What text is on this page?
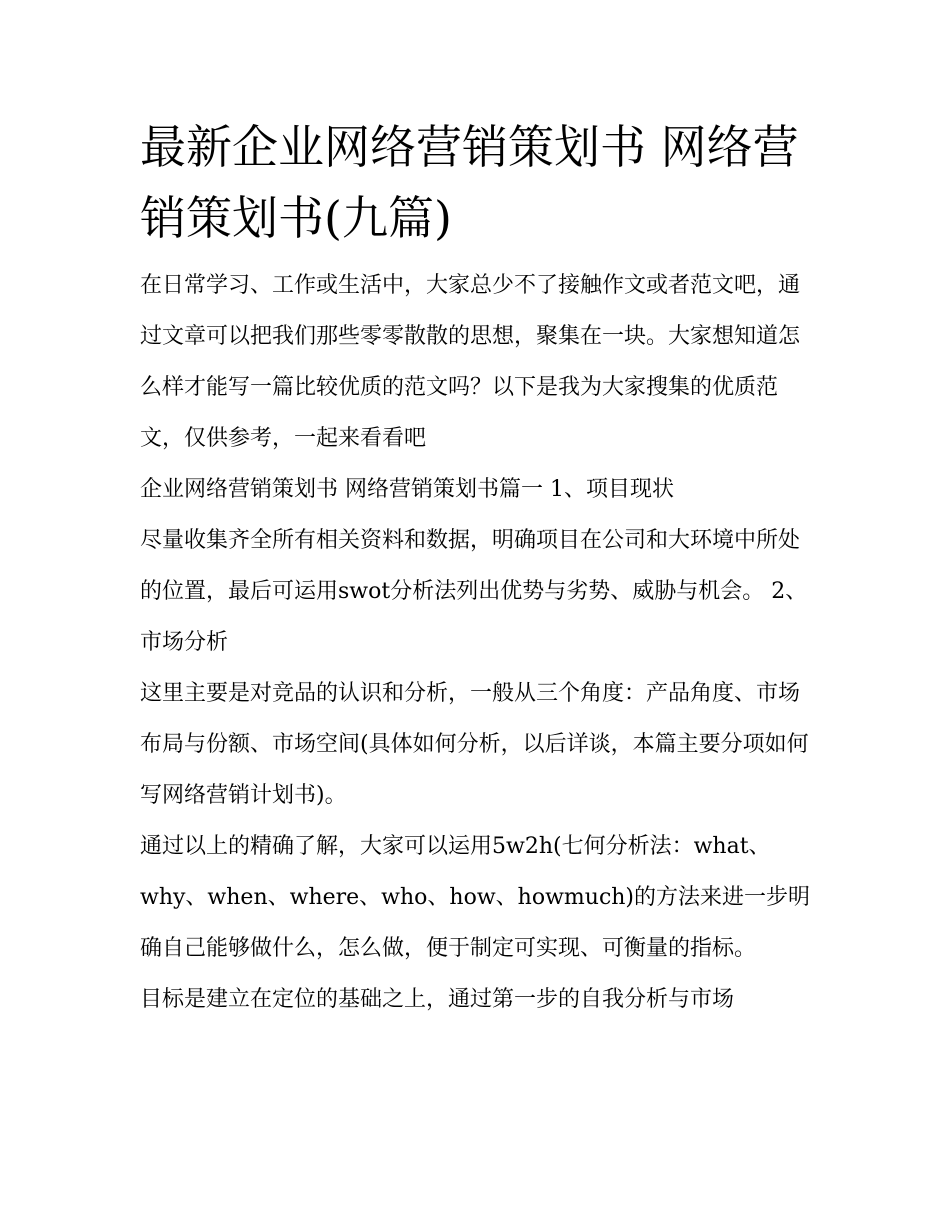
最新企业网络营销策划书 网络营销策划书(九篇)

在日常学习、工作或生活中，大家总少不了接触作文或者范文吧，通过文章可以把我们那些零零散散的思想，聚集在一块。大家想知道怎么样才能写一篇比较优质的范文吗？以下是我为大家搜集的优质范文，仅供参考，一起来看看吧

企业网络营销策划书 网络营销策划书篇一 1、项目现状

尽量收集齐全所有相关资料和数据，明确项目在公司和大环境中所处的位置，最后可运用swot分析法列出优势与劣势、威胁与机会。 2、市场分析

这里主要是对竞品的认识和分析，一般从三个角度：产品角度、市场布局与份额、市场空间(具体如何分析，以后详谈，本篇主要分项如何写网络营销计划书)。

通过以上的精确了解，大家可以运用5w2h(七何分析法：what、why、when、where、who、how、howmuch)的方法来进一步明确自己能够做什么，怎么做，便于制定可实现、可衡量的指标。

目标是建立在定位的基础之上，通过第一步的自我分析与市场
